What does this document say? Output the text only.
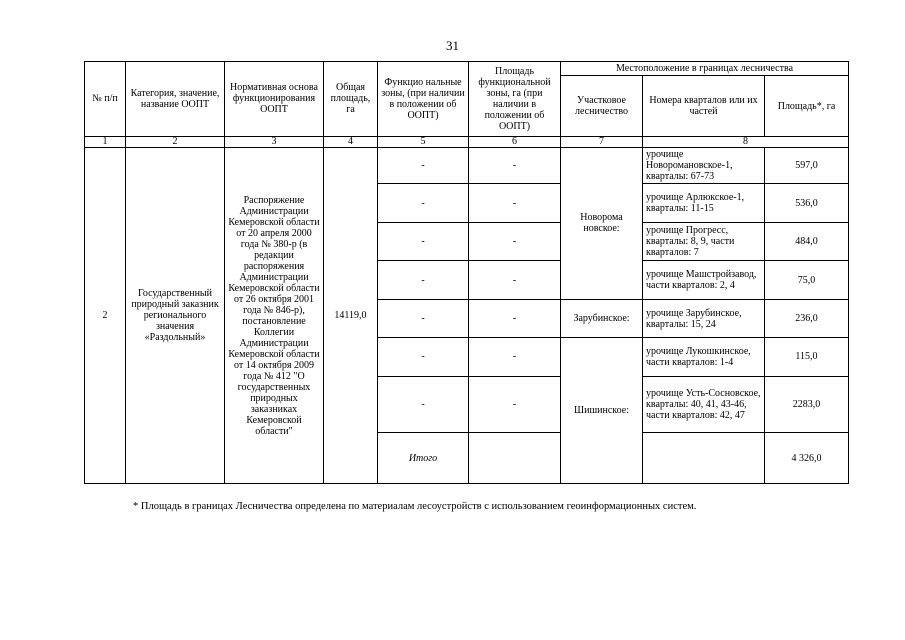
31
№ п/п	Категория, значение, название ООПТ	Нормативная основа функционирования ООПТ	Общая площадь, га	Функцио нальные зоны, (при наличии в положении об ООПТ)	Площадь функциональной зоны, га (при наличии в положении об ООПТ)	Местоположение в границах лесничества		
						Участковое лесничество	Номера кварталов или их частей	Площадь*, га
1	2	3	4	5	6	7	8	
2	Государственный природный заказник регионального значения «Раздольный»	Распоряжение Администрации Кемеровской области от 20 апреля 2000 года № 380-р (в редакции распоряжения Администрации Кемеровской области от 26 октября 2001 года № 846-р), постановление Коллегии Администрации Кемеровской области от 14 октября 2009 года № 412 "О государственных природных заказниках Кемеровской области"	14119,0	-	-	Новорома новское:	урочище Новоромановское-1, кварталы: 67-73	597,0
				-	-		урочище Арлюкское-1, кварталы: 11-15	536,0
				-	-		урочище Прогресс, кварталы: 8, 9, части кварталов: 7	484,0
				-	-		урочище Машстройзавод, части кварталов: 2, 4	75,0
				-	-	Зарубинское:	урочище Зарубинское, кварталы: 15, 24	236,0
				-	-	Шишинское:	урочище Лукошкинское, части кварталов: 1-4	115,0
				-	-		урочище Усть-Сосновское, кварталы: 40, 41, 43-46, части кварталов: 42, 47	2283,0
				Итого				4 326,0
* Площадь в границах Лесничества определена по материалам лесоустройств с использованием геоинформационных систем.
